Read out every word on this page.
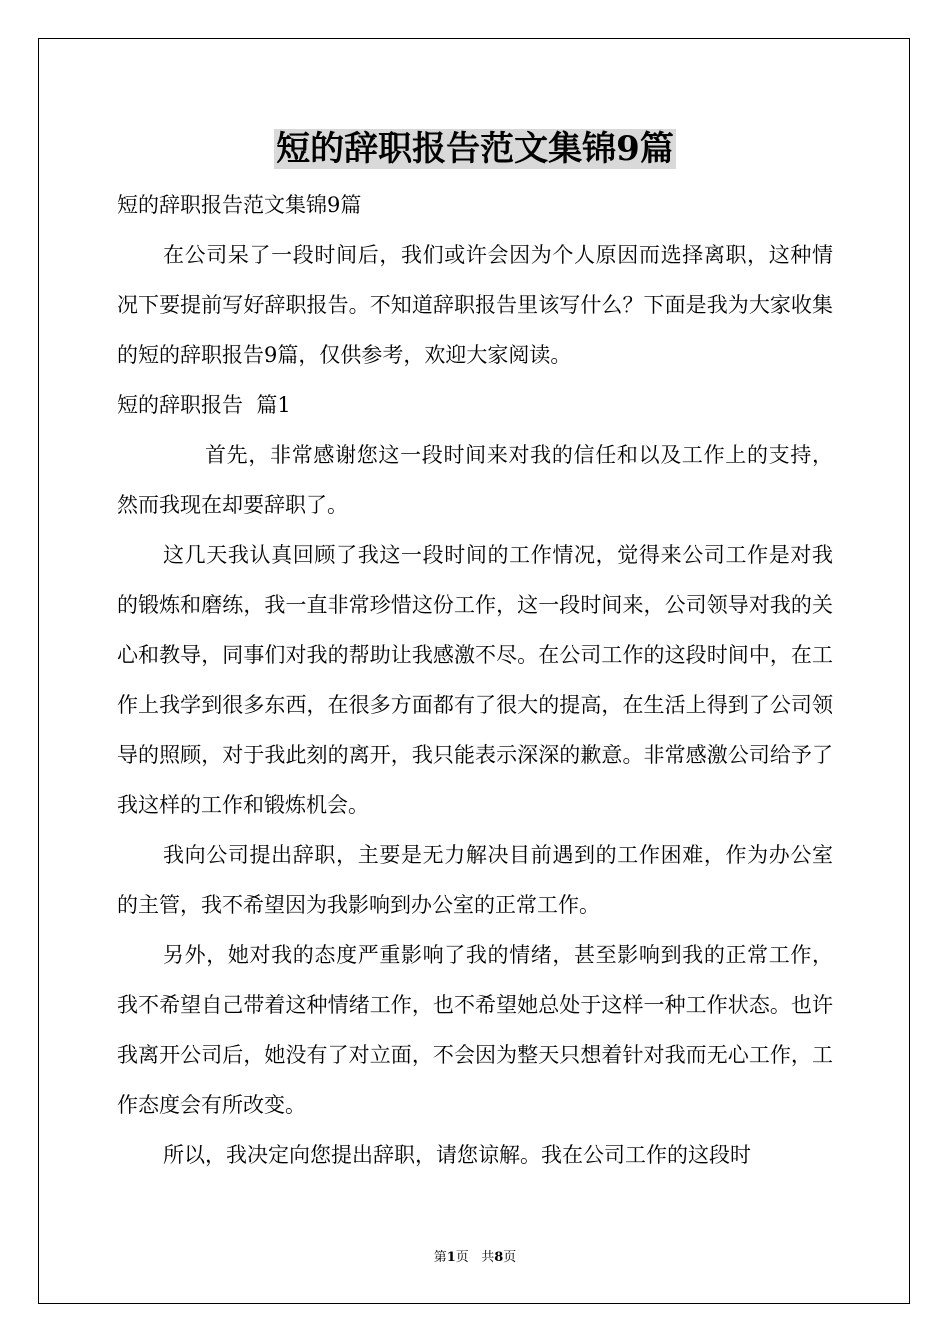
短的辞职报告范文集锦9篇

短的辞职报告范文集锦9篇

在公司呆了一段时间后，我们或许会因为个人原因而选择离职，这种情况下要提前写好辞职报告。不知道辞职报告里该写什么？下面是我为大家收集的短的辞职报告9篇，仅供参考，欢迎大家阅读。

短的辞职报告  篇1

首先，非常感谢您这一段时间来对我的信任和以及工作上的支持，然而我现在却要辞职了。

这几天我认真回顾了我这一段时间的工作情况，觉得来公司工作是对我的锻炼和磨练，我一直非常珍惜这份工作，这一段时间来，公司领导对我的关心和教导，同事们对我的帮助让我感激不尽。在公司工作的这段时间中，在工作上我学到很多东西，在很多方面都有了很大的提高，在生活上得到了公司领导的照顾，对于我此刻的离开，我只能表示深深的歉意。非常感激公司给予了我这样的工作和锻炼机会。

我向公司提出辞职，主要是无力解决目前遇到的工作困难，作为办公室的主管，我不希望因为我影响到办公室的正常工作。

另外，她对我的态度严重影响了我的情绪，甚至影响到我的正常工作，我不希望自己带着这种情绪工作，也不希望她总处于这样一种工作状态。也许我离开公司后，她没有了对立面，不会因为整天只想着针对我而无心工作，工作态度会有所改变。

所以，我决定向您提出辞职，请您谅解。我在公司工作的这段时

第1页   共8页
